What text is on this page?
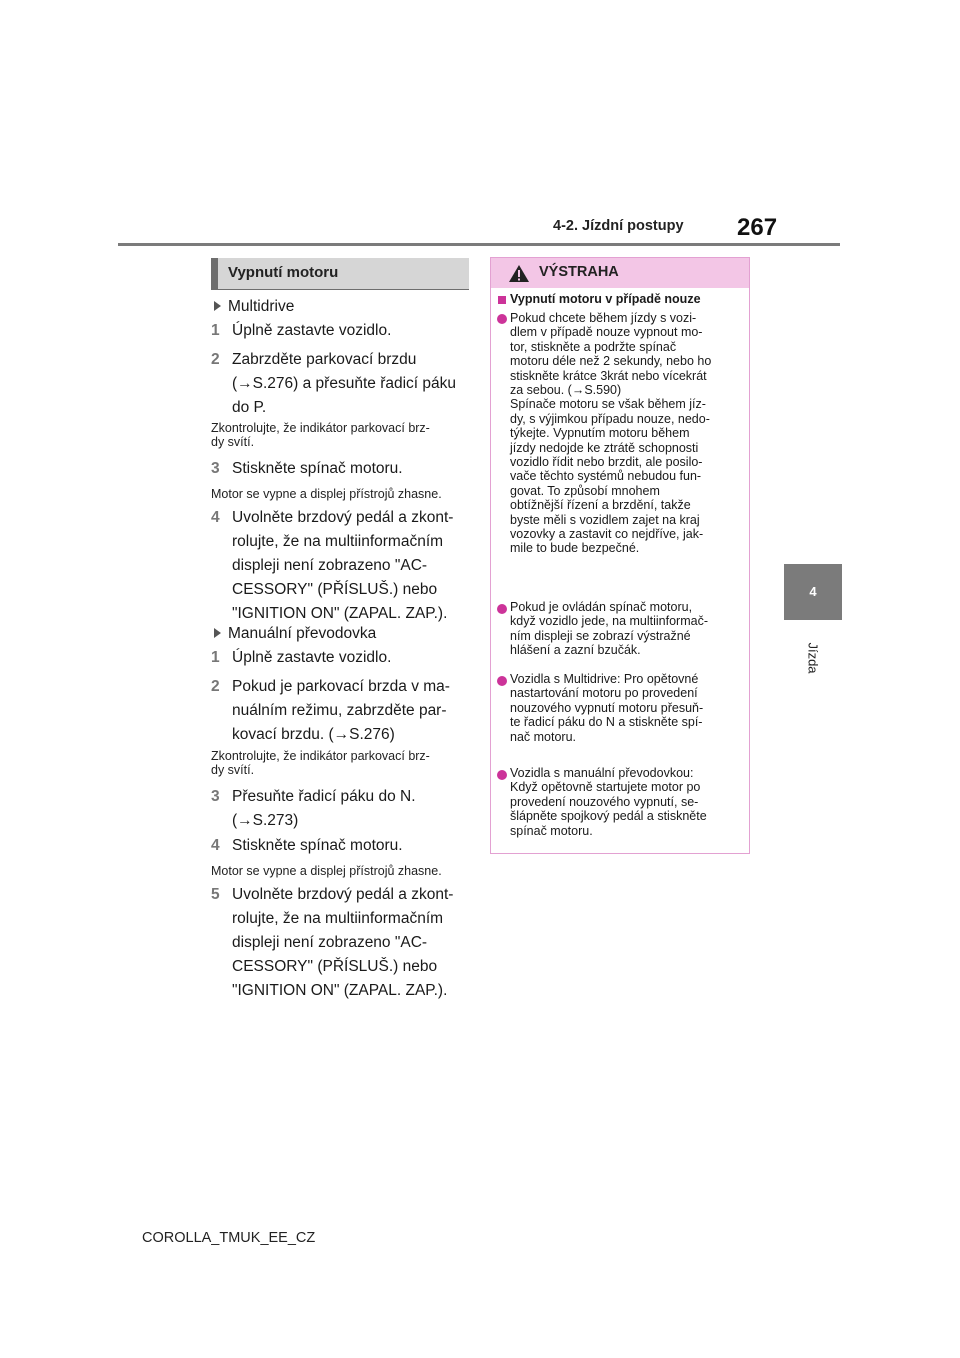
4-2. Jízdní postupy 267
4
Jízda
Vypnutí motoru
Multidrive
1 Úplně zastavte vozidlo.
2 Zabrzděte parkovací brzdu
(→S.276) a přesuňte řadicí páku
do P.
Zkontrolujte, že indikátor parkovací brz-
dy svítí.
3 Stiskněte spínač motoru.
Motor se vypne a displej přístrojů zhasne.
4 Uvolněte brzdový pedál a zkont-
rolujte, že na multiinformačním
displeji není zobrazeno "AC-
CESSORY" (PŘÍSLUŠ.) nebo
"IGNITION ON" (ZAPAL. ZAP.).
Manuální převodovka
1 Úplně zastavte vozidlo.
2 Pokud je parkovací brzda v ma-
nuálním režimu, zabrzděte par-
kovací brzdu. (→S.276)
Zkontrolujte, že indikátor parkovací brz-
dy svítí.
3 Přesuňte řadicí páku do N.
(→S.273)
4 Stiskněte spínač motoru.
Motor se vypne a displej přístrojů zhasne.
5 Uvolněte brzdový pedál a zkont-
rolujte, že na multiinformačním
displeji není zobrazeno "AC-
CESSORY" (PŘÍSLUŠ.) nebo
"IGNITION ON" (ZAPAL. ZAP.).
VÝSTRAHA
Vypnutí motoru v případě nouze
Pokud chcete během jízdy s vozi-
dlem v případě nouze vypnout mo-
tor, stiskněte a podržte spínač
motoru déle než 2 sekundy, nebo ho
stiskněte krátce 3krát nebo vícekrát
za sebou. (→S.590)
Spínače motoru se však během jíz-
dy, s výjimkou případu nouze, nedo-
týkejte. Vypnutím motoru během
jízdy nedojde ke ztrátě schopnosti
vozidlo řídit nebo brzdit, ale posilo-
vače těchto systémů nebudou fun-
govat. To způsobí mnohem
obtížnější řízení a brzdění, takže
byste měli s vozidlem zajet na kraj
vozovky a zastavit co nejdříve, jak-
mile to bude bezpečné.
Pokud je ovládán spínač motoru,
když vozidlo jede, na multiinformač-
ním displeji se zobrazí výstražné
hlášení a zazní bzučák.
Vozidla s Multidrive: Pro opětovné
nastartování motoru po provedení
nouzového vypnutí motoru přesuň-
te řadicí páku do N a stiskněte spí-
nač motoru.
Vozidla s manuální převodovkou:
Když opětovně startujete motor po
provedení nouzového vypnutí, se-
šlápněte spojkový pedál a stiskněte
spínač motoru.
COROLLA_TMUK_EE_CZ
